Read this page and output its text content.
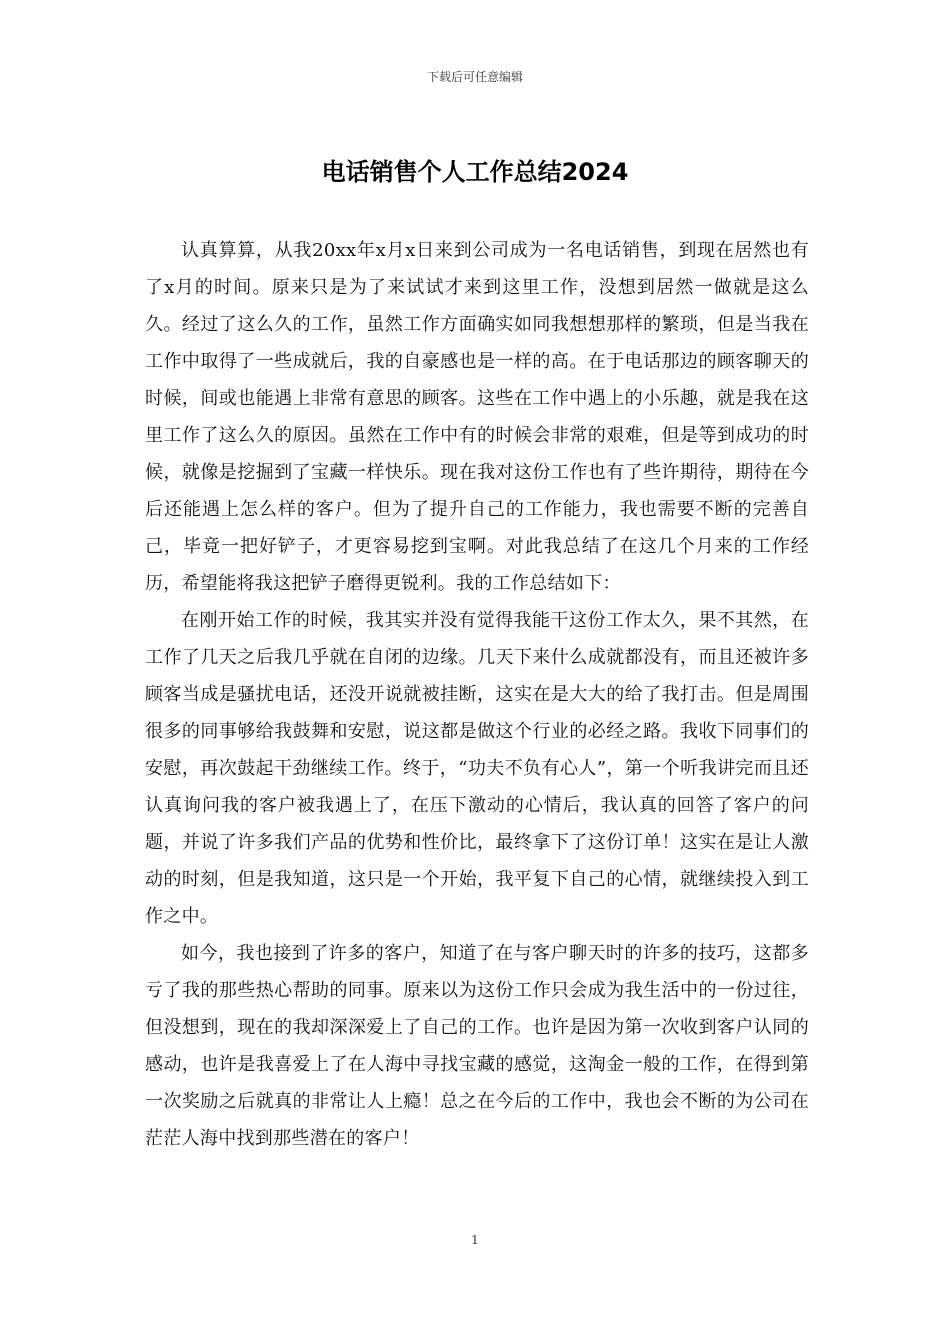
下载后可任意编辑
电话销售个人工作总结2024

认真算算，从我20xx年x月x日来到公司成为一名电话销售，到现在居然也有了x月的时间。原来只是为了来试试才来到这里工作，没想到居然一做就是这么久。经过了这么久的工作，虽然工作方面确实如同我想想那样的繁琐，但是当我在工作中取得了一些成就后，我的自豪感也是一样的高。在于电话那边的顾客聊天的时候，间或也能遇上非常有意思的顾客。这些在工作中遇上的小乐趣，就是我在这里工作了这么久的原因。虽然在工作中有的时候会非常的艰难，但是等到成功的时候，就像是挖掘到了宝藏一样快乐。现在我对这份工作也有了些许期待，期待在今后还能遇上怎么样的客户。但为了提升自己的工作能力，我也需要不断的完善自己，毕竟一把好铲子，才更容易挖到宝啊。对此我总结了在这几个月来的工作经历，希望能将我这把铲子磨得更锐利。我的工作总结如下：

在刚开始工作的时候，我其实并没有觉得我能干这份工作太久，果不其然，在工作了几天之后我几乎就在自闭的边缘。几天下来什么成就都没有，而且还被许多顾客当成是骚扰电话，还没开说就被挂断，这实在是大大的给了我打击。但是周围很多的同事够给我鼓舞和安慰，说这都是做这个行业的必经之路。我收下同事们的安慰，再次鼓起干劲继续工作。终于，“功夫不负有心人”，第一个听我讲完而且还认真询问我的客户被我遇上了，在压下激动的心情后，我认真的回答了客户的问题，并说了许多我们产品的优势和性价比，最终拿下了这份订单！这实在是让人激动的时刻，但是我知道，这只是一个开始，我平复下自己的心情，就继续投入到工作之中。

如今，我也接到了许多的客户，知道了在与客户聊天时的许多的技巧，这都多亏了我的那些热心帮助的同事。原来以为这份工作只会成为我生活中的一份过往，但没想到，现在的我却深深爱上了自己的工作。也许是因为第一次收到客户认同的感动，也许是我喜爱上了在人海中寻找宝藏的感觉，这淘金一般的工作，在得到第一次奖励之后就真的非常让人上瘾！总之在今后的工作中，我也会不断的为公司在茫茫人海中找到那些潜在的客户！

1
